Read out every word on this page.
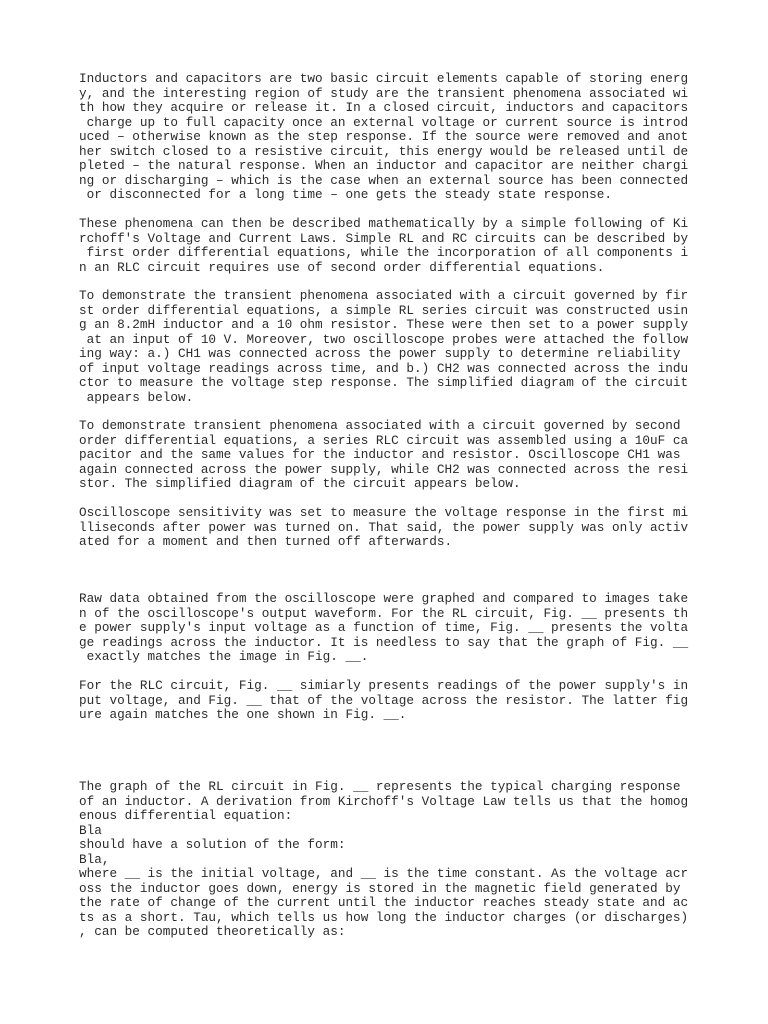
Inductors and capacitors are two basic circuit elements capable of storing energ
y, and the interesting region of study are the transient phenomena associated wi
th how they acquire or release it. In a closed circuit, inductors and capacitors
charge up to full capacity once an external voltage or current source is introd
uced – otherwise known as the step response. If the source were removed and anot
her switch closed to a resistive circuit, this energy would be released until de
pleted – the natural response. When an inductor and capacitor are neither chargi
ng or discharging – which is the case when an external source has been connected
or disconnected for a long time – one gets the steady state response.
These phenomena can then be described mathematically by a simple following of Ki
rchoff's Voltage and Current Laws. Simple RL and RC circuits can be described by
first order differential equations, while the incorporation of all components i
n an RLC circuit requires use of second order differential equations.
To demonstrate the transient phenomena associated with a circuit governed by fir
st order differential equations, a simple RL series circuit was constructed usin
g an 8.2mH inductor and a 10 ohm resistor. These were then set to a power supply
at an input of 10 V. Moreover, two oscilloscope probes were attached the follow
ing way: a.) CH1 was connected across the power supply to determine reliability
of input voltage readings across time, and b.) CH2 was connected across the indu
ctor to measure the voltage step response. The simplified diagram of the circuit
appears below.
To demonstrate transient phenomena associated with a circuit governed by second
order differential equations, a series RLC circuit was assembled using a 10uF ca
pacitor and the same values for the inductor and resistor. Oscilloscope CH1 was
again connected across the power supply, while CH2 was connected across the resi
stor. The simplified diagram of the circuit appears below.
Oscilloscope sensitivity was set to measure the voltage response in the first mi
lliseconds after power was turned on. That said, the power supply was only activ
ated for a moment and then turned off afterwards.
Raw data obtained from the oscilloscope were graphed and compared to images take
n of the oscilloscope's output waveform. For the RL circuit, Fig. __ presents th
e power supply's input voltage as a function of time, Fig. __ presents the volta
ge readings across the inductor. It is needless to say that the graph of Fig. __
exactly matches the image in Fig. __.
For the RLC circuit, Fig. __ simiarly presents readings of the power supply's in
put voltage, and Fig. __ that of the voltage across the resistor. The latter fig
ure again matches the one shown in Fig. __.
The graph of the RL circuit in Fig. __ represents the typical charging response
of an inductor. A derivation from Kirchoff's Voltage Law tells us that the homog
enous differential equation:
Bla
should have a solution of the form:
Bla,
where __ is the initial voltage, and __ is the time constant. As the voltage acr
oss the inductor goes down, energy is stored in the magnetic field generated by
the rate of change of the current until the inductor reaches steady state and ac
ts as a short. Tau, which tells us how long the inductor charges (or discharges)
, can be computed theoretically as:
